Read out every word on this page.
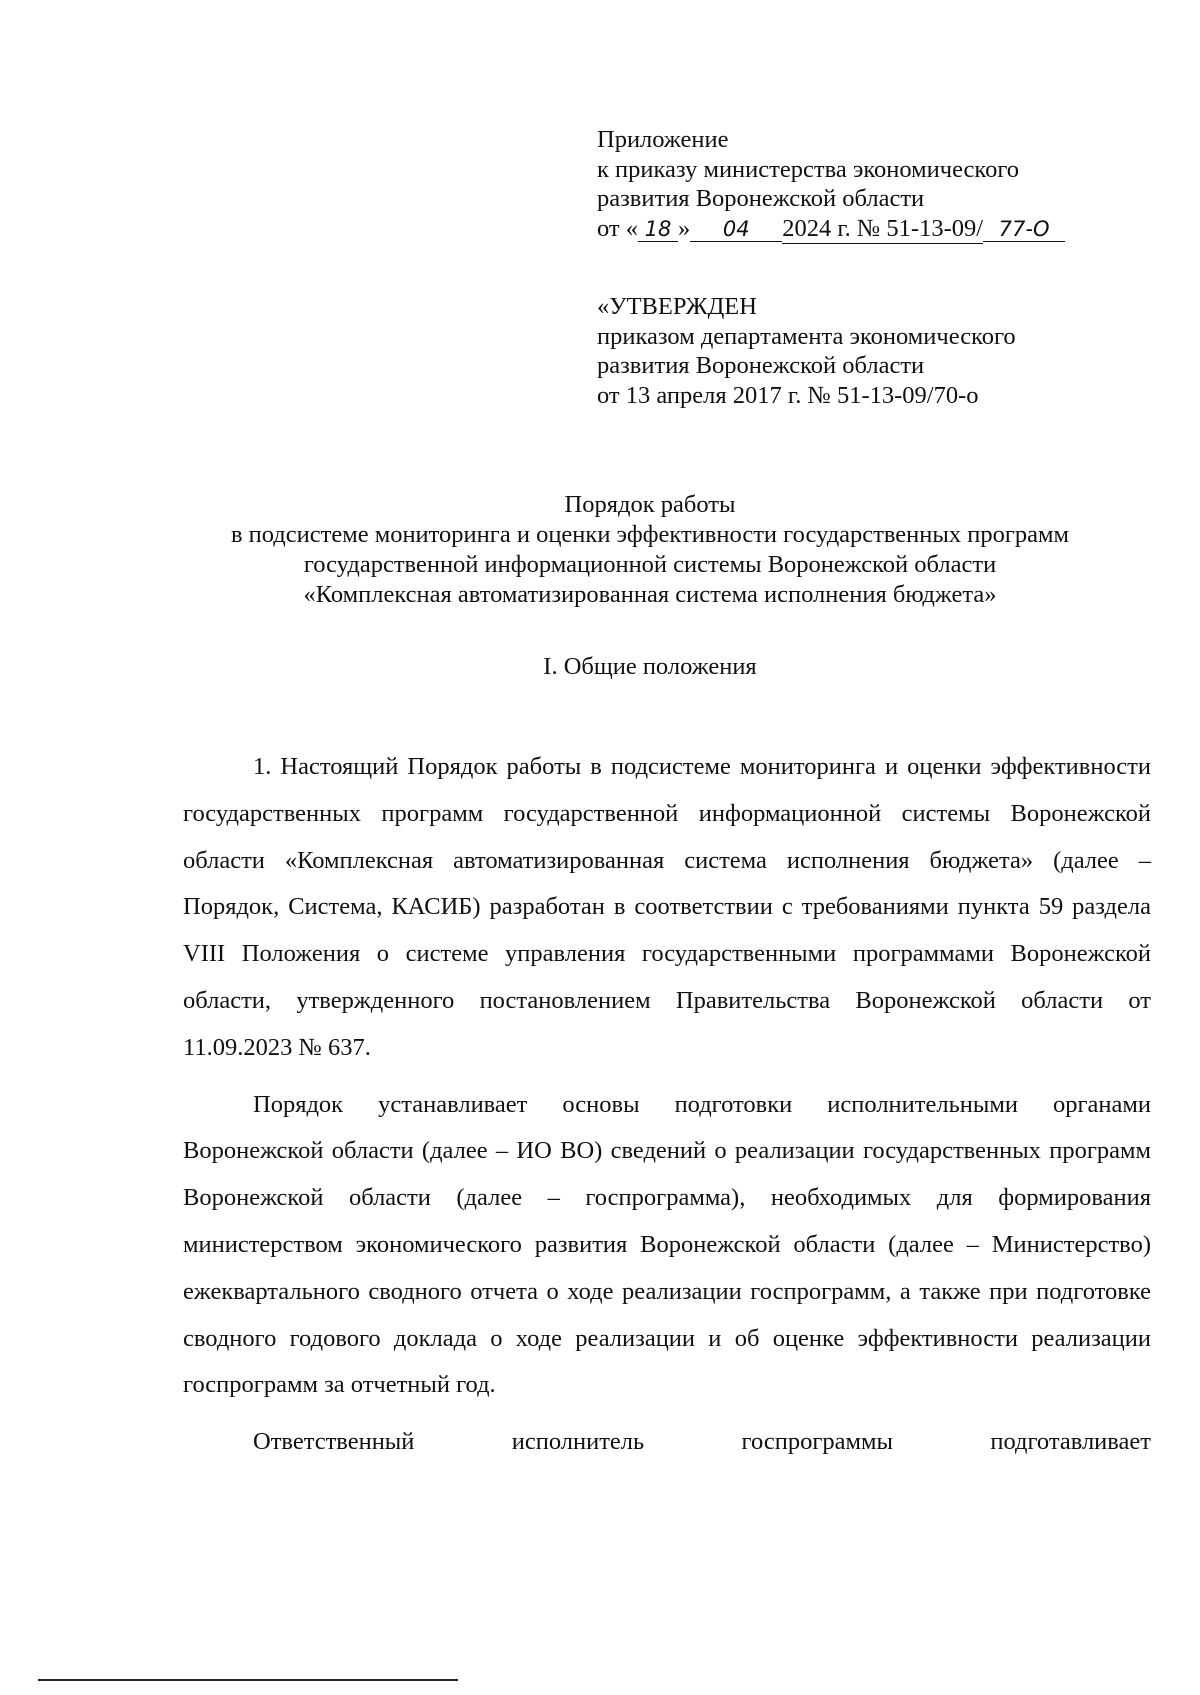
Приложение
к приказу министерства экономического
развития Воронежской области
от « 18 » 04 2024 г. № 51-13-09/ 77-О
«УТВЕРЖДЕН
приказом департамента экономического
развития Воронежской области
от 13 апреля 2017 г. № 51-13-09/70-о
Порядок работы
в подсистеме мониторинга и оценки эффективности государственных программ
государственной информационной системы Воронежской области
«Комплексная автоматизированная система исполнения бюджета»
I. Общие положения

1. Настоящий Порядок работы в подсистеме мониторинга и оценки эффективности государственных программ государственной информационной системы Воронежской области «Комплексная автоматизированная система исполнения бюджета» (далее – Порядок, Система, КАСИБ) разработан в соответствии с требованиями пункта 59 раздела VIII Положения о системе управления государственными программами Воронежской области, утвержденного постановлением Правительства Воронежской области от 11.09.2023 № 637.

Порядок устанавливает основы подготовки исполнительными органами Воронежской области (далее – ИО ВО) сведений о реализации государственных программ Воронежской области (далее – госпрограмма), необходимых для формирования министерством экономического развития Воронежской области (далее – Министерство) ежеквартального сводного отчета о ходе реализации госпрограмм, а также при подготовке сводного годового доклада о ходе реализации и об оценке эффективности реализации госпрограмм за отчетный год.

Ответственный исполнитель госпрограммы подготавливает
